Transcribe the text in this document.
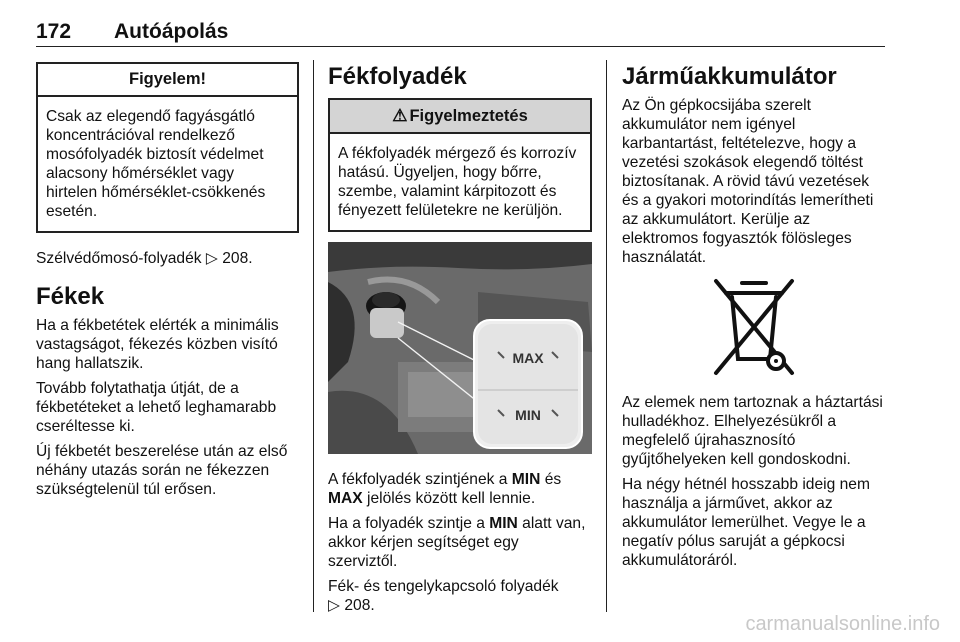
172 Autóápolás
Figyelem!
Csak az elegendő fagyásgátló koncentrációval rendelkező mosófolyadék biztosít védelmet alacsony hőmérséklet vagy hirtelen hőmérséklet-csökkenés esetén.

Szélvédőmosó-folyadék ▷ 208.

Fékek

Ha a fékbetétek elérték a minimális vastagságot, fékezés közben visító hang hallatszik.

Tovább folytathatja útját, de a fékbetéteket a lehető leghamarabb cseréltesse ki.

Új fékbetét beszerelése után az első néhány utazás során ne fékezzen szükségtelenül túl erősen.

Fékfolyadék
⚠ Figyelmeztetés
A fékfolyadék mérgező és korrozív hatású. Ügyeljen, hogy bőrre, szembe, valamint kárpitozott és fényezett felületekre ne kerüljön.
MAX
MIN

A fékfolyadék szintjének a MIN és MAX jelölés között kell lennie.

Ha a folyadék szintje a MIN alatt van, akkor kérjen segítséget egy szerviztől.

Fék- és tengelykapcsoló folyadék
▷ 208.

Járműakkumulátor

Az Ön gépkocsijába szerelt akkumulátor nem igényel karbantartást, feltételezve, hogy a vezetési szokások elegendő töltést biztosítanak. A rövid távú vezetések és a gyakori motorindítás lemerítheti az akkumulátort. Kerülje az elektromos fogyasztók fölösleges használatát.

Az elemek nem tartoznak a háztartási hulladékhoz. Elhelyezésükről a megfelelő újrahasznosító gyűjtőhelyeken kell gondoskodni.

Ha négy hétnél hosszabb ideig nem használja a járművet, akkor az akkumulátor lemerülhet. Vegye le a negatív pólus saruját a gépkocsi akkumulátoráról.

carmanualsonline.info
